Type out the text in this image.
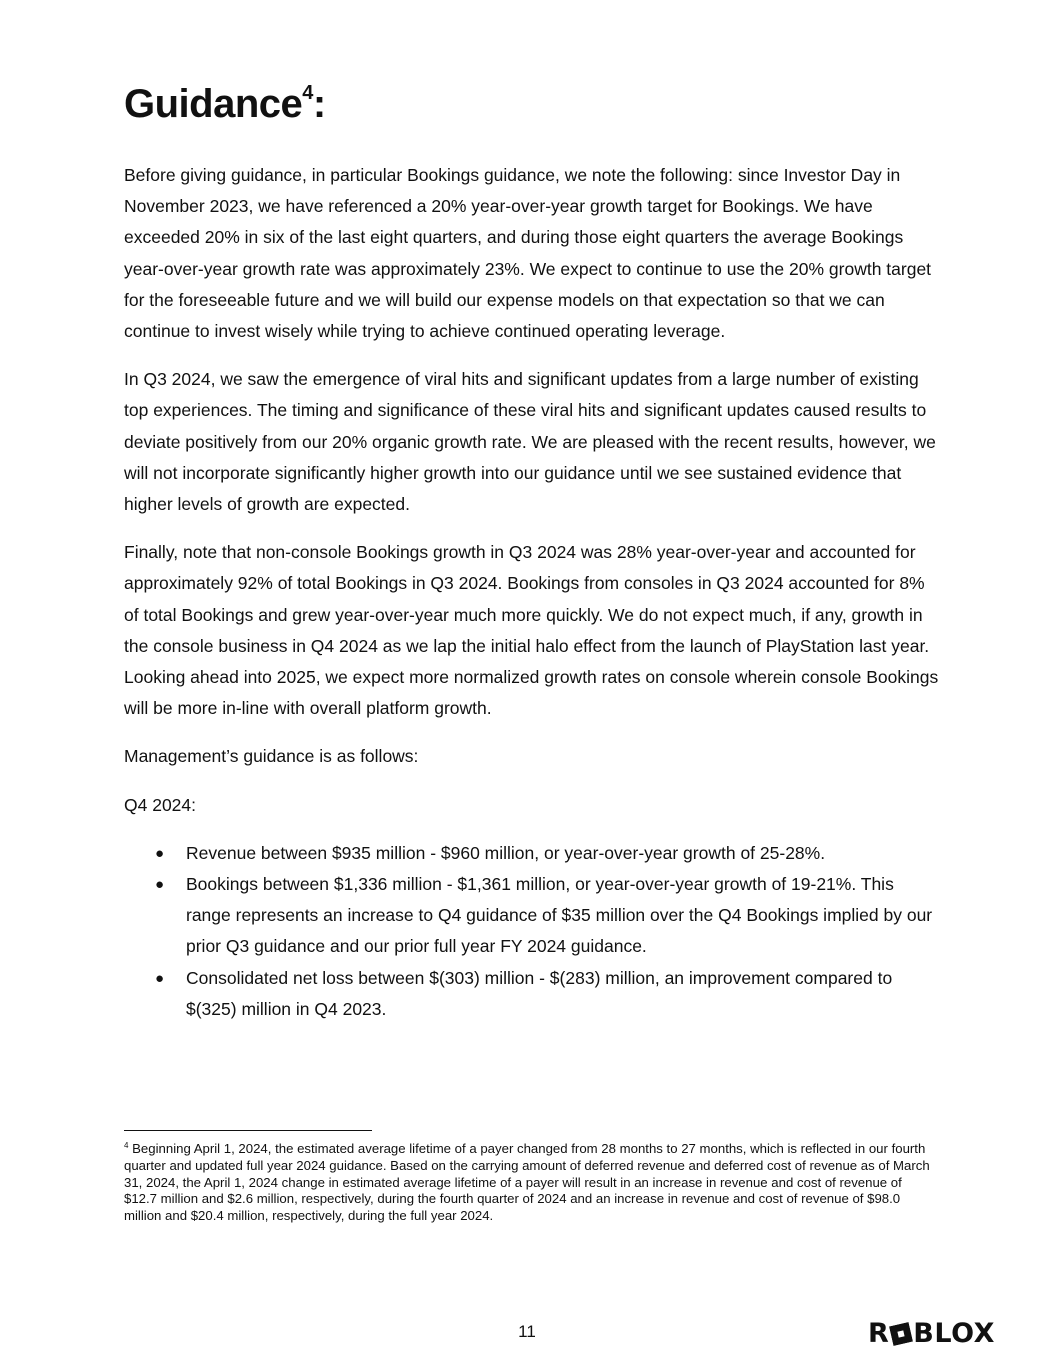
Guidance$^4$:

Before giving guidance, in particular Bookings guidance, we note the following: since Investor Day in November 2023, we have referenced a 20% year-over-year growth target for Bookings. We have exceeded 20% in six of the last eight quarters, and during those eight quarters the average Bookings year-over-year growth rate was approximately 23%. We expect to continue to use the 20% growth target for the foreseeable future and we will build our expense models on that expectation so that we can continue to invest wisely while trying to achieve continued operating leverage.

In Q3 2024, we saw the emergence of viral hits and significant updates from a large number of existing top experiences. The timing and significance of these viral hits and significant updates caused results to deviate positively from our 20% organic growth rate. We are pleased with the recent results, however, we will not incorporate significantly higher growth into our guidance until we see sustained evidence that higher levels of growth are expected.

Finally, note that non-console Bookings growth in Q3 2024 was 28% year-over-year and accounted for approximately 92% of total Bookings in Q3 2024. Bookings from consoles in Q3 2024 accounted for 8% of total Bookings and grew year-over-year much more quickly. We do not expect much, if any, growth in the console business in Q4 2024 as we lap the initial halo effect from the launch of PlayStation last year. Looking ahead into 2025, we expect more normalized growth rates on console wherein console Bookings will be more in-line with overall platform growth.

Management’s guidance is as follows:

Q4 2024:

● Revenue between $935 million - $960 million, or year-over-year growth of 25-28%.
● Bookings between $1,336 million - $1,361 million, or year-over-year growth of 19-21%. This range represents an increase to Q4 guidance of $35 million over the Q4 Bookings implied by our prior Q3 guidance and our prior full year FY 2024 guidance.
● Consolidated net loss between $(303) million - $(283) million, an improvement compared to $(325) million in Q4 2023.

$^4$ Beginning April 1, 2024, the estimated average lifetime of a payer changed from 28 months to 27 months, which is reflected in our fourth quarter and updated full year 2024 guidance. Based on the carrying amount of deferred revenue and deferred cost of revenue as of March 31, 2024, the April 1, 2024 change in estimated average lifetime of a payer will result in an increase in revenue and cost of revenue of $12.7 million and $2.6 million, respectively, during the fourth quarter of 2024 and an increase in revenue and cost of revenue of $98.0 million and $20.4 million, respectively, during the full year 2024.

11	R BLOX
